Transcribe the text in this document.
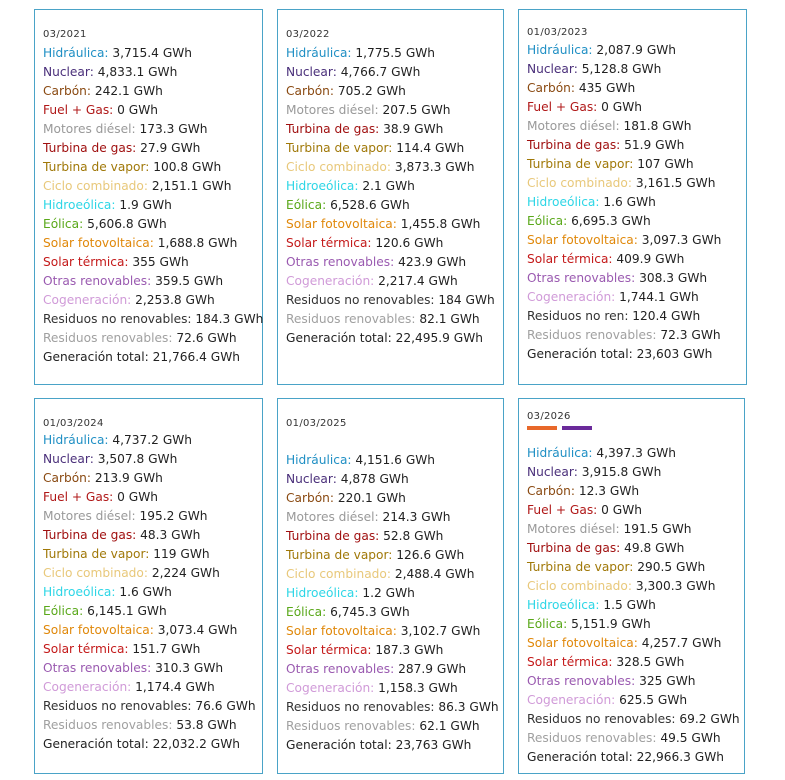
03/2021
Hidráulica: 3,715.4 GWh
Nuclear: 4,833.1 GWh
Carbón: 242.1 GWh
Fuel + Gas: 0 GWh
Motores diésel: 173.3 GWh
Turbina de gas: 27.9 GWh
Turbina de vapor: 100.8 GWh
Ciclo combinado: 2,151.1 GWh
Hidroeólica: 1.9 GWh
Eólica: 5,606.8 GWh
Solar fotovoltaica: 1,688.8 GWh
Solar térmica: 355 GWh
Otras renovables: 359.5 GWh
Cogeneración: 2,253.8 GWh
Residuos no renovables: 184.3 GWh
Residuos renovables: 72.6 GWh
Generación total: 21,766.4 GWh
03/2022
Hidráulica: 1,775.5 GWh
Nuclear: 4,766.7 GWh
Carbón: 705.2 GWh
Motores diésel: 207.5 GWh
Turbina de gas: 38.9 GWh
Turbina de vapor: 114.4 GWh
Ciclo combinado: 3,873.3 GWh
Hidroeólica: 2.1 GWh
Eólica: 6,528.6 GWh
Solar fotovoltaica: 1,455.8 GWh
Solar térmica: 120.6 GWh
Otras renovables: 423.9 GWh
Cogeneración: 2,217.4 GWh
Residuos no renovables: 184 GWh
Residuos renovables: 82.1 GWh
Generación total: 22,495.9 GWh
01/03/2023
Hidráulica: 2,087.9 GWh
Nuclear: 5,128.8 GWh
Carbón: 435 GWh
Fuel + Gas: 0 GWh
Motores diésel: 181.8 GWh
Turbina de gas: 51.9 GWh
Turbina de vapor: 107 GWh
Ciclo combinado: 3,161.5 GWh
Hidroeólica: 1.6 GWh
Eólica: 6,695.3 GWh
Solar fotovoltaica: 3,097.3 GWh
Solar térmica: 409.9 GWh
Otras renovables: 308.3 GWh
Cogeneración: 1,744.1 GWh
Residuos no ren: 120.4 GWh
Residuos renovables: 72.3 GWh
Generación total: 23,603 GWh
01/03/2024
Hidráulica: 4,737.2 GWh
Nuclear: 3,507.8 GWh
Carbón: 213.9 GWh
Fuel + Gas: 0 GWh
Motores diésel: 195.2 GWh
Turbina de gas: 48.3 GWh
Turbina de vapor: 119 GWh
Ciclo combinado: 2,224 GWh
Hidroeólica: 1.6 GWh
Eólica: 6,145.1 GWh
Solar fotovoltaica: 3,073.4 GWh
Solar térmica: 151.7 GWh
Otras renovables: 310.3 GWh
Cogeneración: 1,174.4 GWh
Residuos no renovables: 76.6 GWh
Residuos renovables: 53.8 GWh
Generación total: 22,032.2 GWh
01/03/2025
Hidráulica: 4,151.6 GWh
Nuclear: 4,878 GWh
Carbón: 220.1 GWh
Motores diésel: 214.3 GWh
Turbina de gas: 52.8 GWh
Turbina de vapor: 126.6 GWh
Ciclo combinado: 2,488.4 GWh
Hidroeólica: 1.2 GWh
Eólica: 6,745.3 GWh
Solar fotovoltaica: 3,102.7 GWh
Solar térmica: 187.3 GWh
Otras renovables: 287.9 GWh
Cogeneración: 1,158.3 GWh
Residuos no renovables: 86.3 GWh
Residuos renovables: 62.1 GWh
Generación total: 23,763 GWh
03/2026
Hidráulica: 4,397.3 GWh
Nuclear: 3,915.8 GWh
Carbón: 12.3 GWh
Fuel + Gas: 0 GWh
Motores diésel: 191.5 GWh
Turbina de gas: 49.8 GWh
Turbina de vapor: 290.5 GWh
Ciclo combinado: 3,300.3 GWh
Hidroeólica: 1.5 GWh
Eólica: 5,151.9 GWh
Solar fotovoltaica: 4,257.7 GWh
Solar térmica: 328.5 GWh
Otras renovables: 325 GWh
Cogeneración: 625.5 GWh
Residuos no renovables: 69.2 GWh
Residuos renovables: 49.5 GWh
Generación total: 22,966.3 GWh
